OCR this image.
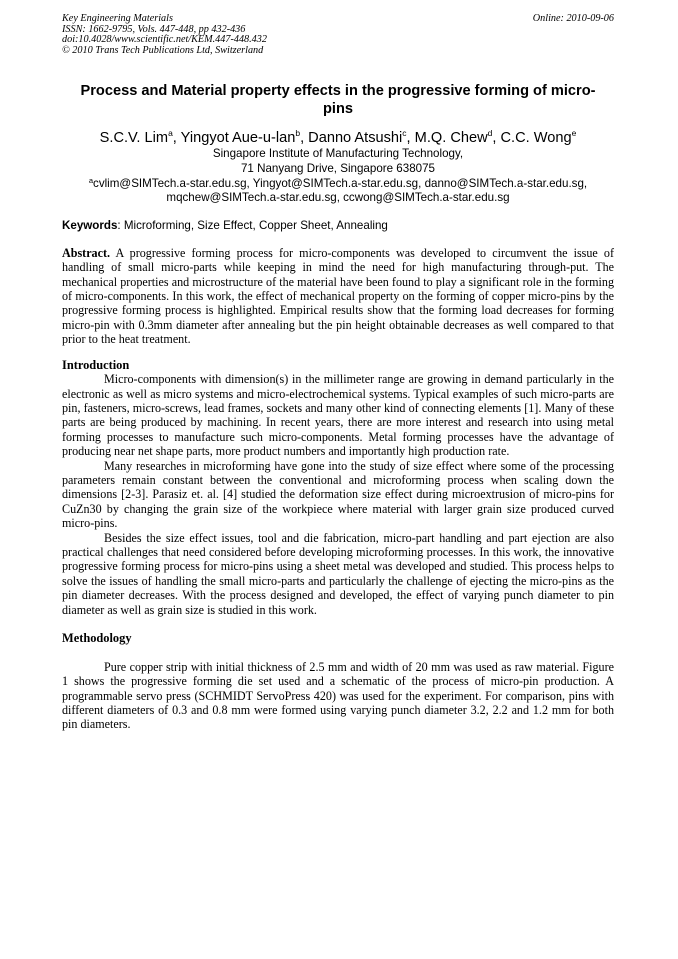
Key Engineering Materials
ISSN: 1662-9795, Vols. 447-448, pp 432-436
doi:10.4028/www.scientific.net/KEM.447-448.432
© 2010 Trans Tech Publications Ltd, Switzerland
Online: 2010-09-06
Process and Material property effects in the progressive forming of micro-pins
S.C.V. Lim$^a$, Yingyot Aue-u-lan$^b$, Danno Atsushi$^c$, M.Q. Chew$^d$, C.C. Wong$^e$
Singapore Institute of Manufacturing Technology,
71 Nanyang Drive, Singapore 638075
$^a$cvlim@SIMTech.a-star.edu.sg, Yingyot@SIMTech.a-star.edu.sg, danno@SIMTech.a-star.edu.sg,
mqchew@SIMTech.a-star.edu.sg, ccwong@SIMTech.a-star.edu.sg
Keywords: Microforming, Size Effect, Copper Sheet, Annealing

Abstract. A progressive forming process for micro-components was developed to circumvent the issue of handling of small micro-parts while keeping in mind the need for high manufacturing through-put. The mechanical properties and microstructure of the material have been found to play a significant role in the forming of micro-components. In this work, the effect of mechanical property on the forming of copper micro-pins by the progressive forming process is highlighted. Empirical results show that the forming load decreases for forming micro-pin with 0.3mm diameter after annealing but the pin height obtainable decreases as well compared to that prior to the heat treatment.

Introduction

Micro-components with dimension(s) in the millimeter range are growing in demand particularly in the electronic as well as micro systems and micro-electrochemical systems. Typical examples of such micro-parts are pin, fasteners, micro-screws, lead frames, sockets and many other kind of connecting elements [1]. Many of these parts are being produced by machining. In recent years, there are more interest and research into using metal forming processes to manufacture such micro-components. Metal forming processes have the advantage of producing near net shape parts, more product numbers and importantly high production rate.

Many researches in microforming have gone into the study of size effect where some of the processing parameters remain constant between the conventional and microforming process when scaling down the dimensions [2-3]. Parasiz et. al. [4] studied the deformation size effect during microextrusion of micro-pins for CuZn30 by changing the grain size of the workpiece where material with larger grain size produced curved micro-pins.

Besides the size effect issues, tool and die fabrication, micro-part handling and part ejection are also practical challenges that need considered before developing microforming processes. In this work, the innovative progressive forming process for micro-pins using a sheet metal was developed and studied. This process helps to solve the issues of handling the small micro-parts and particularly the challenge of ejecting the micro-pins as the pin diameter decreases. With the process designed and developed, the effect of varying punch diameter to pin diameter as well as grain size is studied in this work.

Methodology

Pure copper strip with initial thickness of 2.5 mm and width of 20 mm was used as raw material. Figure 1 shows the progressive forming die set used and a schematic of the process of micro-pin production. A programmable servo press (SCHMIDT ServoPress 420) was used for the experiment. For comparison, pins with different diameters of 0.3 and 0.8 mm were formed using varying punch diameter 3.2, 2.2 and 1.2 mm for both pin diameters.
